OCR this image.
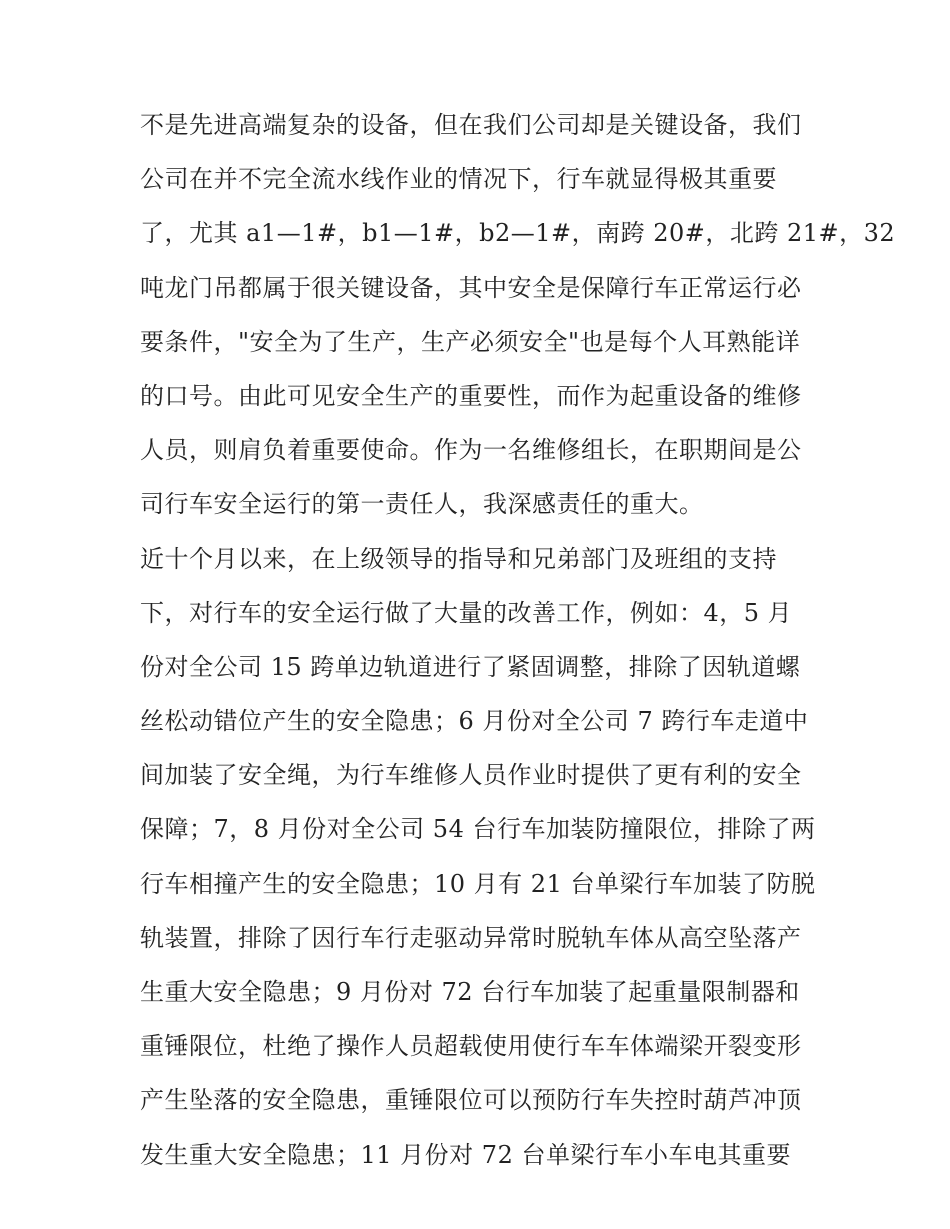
不是先进高端复杂的设备，但在我们公司却是关键设备，我们
公司在并不完全流水线作业的情况下，行车就显得极其重要
了，尤其 a1—1#，b1—1#，b2—1#，南跨 20#，北跨 21#，32
吨龙门吊都属于很关键设备，其中安全是保障行车正常运行必
要条件，"安全为了生产，生产必须安全"也是每个人耳熟能详
的口号。由此可见安全生产的重要性，而作为起重设备的维修
人员，则肩负着重要使命。作为一名维修组长，在职期间是公
司行车安全运行的第一责任人，我深感责任的重大。
近十个月以来，在上级领导的指导和兄弟部门及班组的支持
下，对行车的安全运行做了大量的改善工作，例如：4，5 月
份对全公司 15 跨单边轨道进行了紧固调整，排除了因轨道螺
丝松动错位产生的安全隐患；6 月份对全公司 7 跨行车走道中
间加装了安全绳，为行车维修人员作业时提供了更有利的安全
保障；7，8 月份对全公司 54 台行车加装防撞限位，排除了两
行车相撞产生的安全隐患；10 月有 21 台单梁行车加装了防脱
轨装置，排除了因行车行走驱动异常时脱轨车体从高空坠落产
生重大安全隐患；9 月份对 72 台行车加装了起重量限制器和
重锤限位，杜绝了操作人员超载使用使行车车体端梁开裂变形
产生坠落的安全隐患，重锤限位可以预防行车失控时葫芦冲顶
发生重大安全隐患；11 月份对 72 台单梁行车小车电其重要
